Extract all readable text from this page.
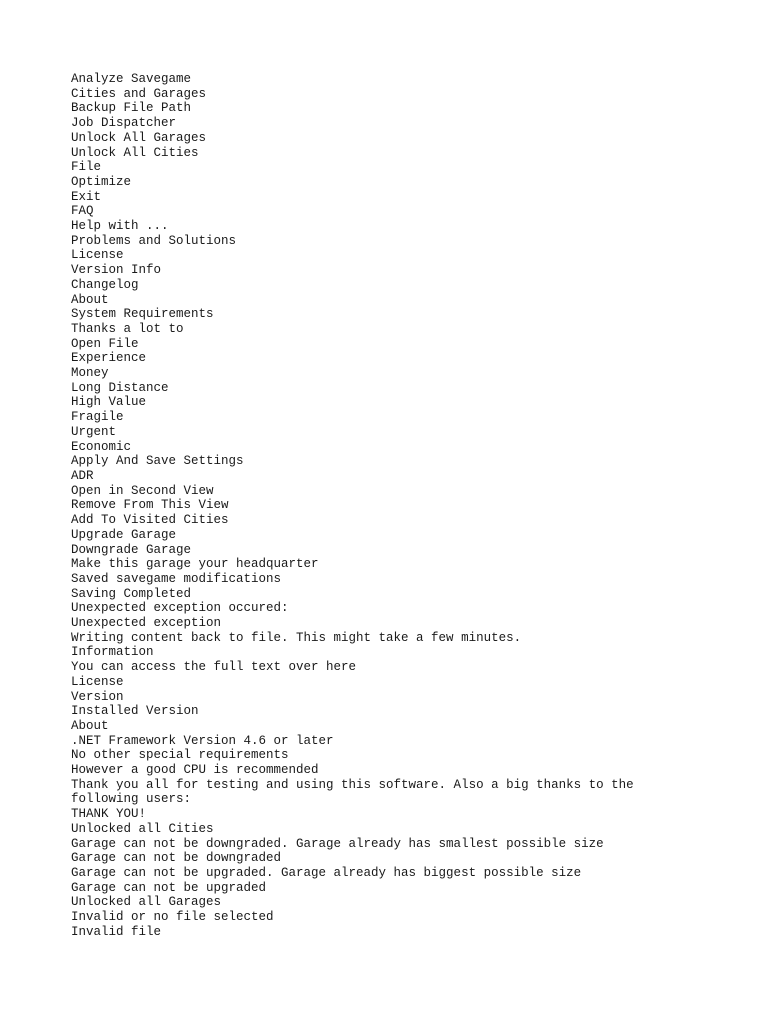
Analyze Savegame
Cities and Garages
Backup File Path
Job Dispatcher
Unlock All Garages
Unlock All Cities
File
Optimize
Exit
FAQ
Help with ...
Problems and Solutions
License
Version Info
Changelog
About
System Requirements
Thanks a lot to
Open File
Experience
Money
Long Distance
High Value
Fragile
Urgent
Economic
Apply And Save Settings
ADR
Open in Second View
Remove From This View
Add To Visited Cities
Upgrade Garage
Downgrade Garage
Make this garage your headquarter
Saved savegame modifications
Saving Completed
Unexpected exception occured:
Unexpected exception
Writing content back to file. This might take a few minutes.
Information
You can access the full text over here
License
Version
Installed Version
About
.NET Framework Version 4.6 or later
No other special requirements
However a good CPU is recommended
Thank you all for testing and using this software. Also a big thanks to the
following users:
THANK YOU!
Unlocked all Cities
Garage can not be downgraded. Garage already has smallest possible size
Garage can not be downgraded
Garage can not be upgraded. Garage already has biggest possible size
Garage can not be upgraded
Unlocked all Garages
Invalid or no file selected
Invalid file
